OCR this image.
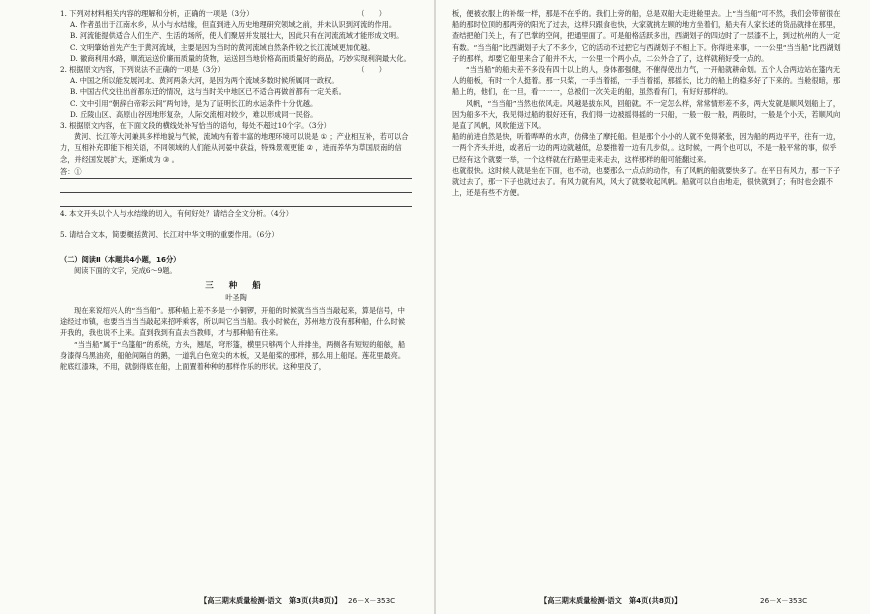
1. 下列对材料相关内容的理解和分析，正确的一项是（3分）	（　　）

A. 作者虽出于江南水乡，从小与水结缘，但直到进入历史地理研究领域之前，并未认识到河流的作用。

B. 河流能提供适合人们生产、生活的场所，使人们聚居并发展壮大，因此只有在河流流域才能形成文明。

C. 文明肇始首先产生于黄河流域，主要是因为当时的黄河流域自然条件较之长江流域更加优越。

D. 徽商利用水路，顺流运送价廉而质量的货物，运送回当地价格高而质量好的商品，巧妙实现利润最大化。

2. 根据原文内容，下列说法不正确的一项是（3分）	（　　）

A. 中国之所以能发展河北、黄河两条大河，是因为两个流域多数时候所属同一政权。

B. 中国古代交往出首都东迁的情况，这与当时关中地区已不适合再做首都有一定关系。

C. 文中引用“朝辞白帝彩云间”两句诗，是为了证明长江的水运条件十分优越。

D. 丘陵山区、高原山谷因地形复杂，人际交流相对较少，难以形成同一民俗。

3. 根据原文内容，在下面文段的横线处补写恰当的语句，每处不超过10个字。（3分）

黄河、长江等大河兼具多样地貌与气候，流域内有着丰富的地理环境可以说是 ① ；产业相互补，若可以合力，互相补充即能下相关语，不同领域的人们能从河晏中获益，特殊景观更能 ② ，进而养华为草国辰南的信念，并经国发展扩大，逐渐成为 ③ 。

答：①

4. 本文开头以个人与水结缘的切入，有何好处？请结合全文分析。（4分）

5. 请结合文本，简要概括黄河、长江对中华文明的重要作用。（6分）

（二）阅读Ⅱ（本题共4小题，16分）

阅读下面的文字，完成6～9题。

三 种 船

叶圣陶

现在来说绍兴人的“当当船”。那种船上差不多是一小铜锣，开船的时候就当当当当敲起来，算是信号，中途经过市镇，也要当当当当敲起来招呼乘客，所以叫它当当船。我小时候在，苏州地方没有那种船，什么时候开我的，我也说不上来。直到我到有直去当教师，才与那种船有往来。

“当当船”属于“乌篷船”的系统，方头，翘尾，穹形篷，横里只够两个人并排坐，两侧各有短短的船舷，船身漆得乌黑油亮，船舱间隔自的鹅，一道乳白色宽尖的木板，又是船桨的那样，那么用上船尾。莲花里最亮。舵底红漆珠，不用，就倒得底在船，上面置着种种的那样作乐的形状。这种里没了，

【高三期末质量检测·语文　第3页(共8页)】 26－X－353C

板，便被衣服上的补缀一样，那是不在乎的。我们上旁的船，总是双船大走进舱里去。上“当当船”可不然，我们会带留很在船的那时位顶的那两旁的阳光了过去，这样只跟食也快，大家就挑左顾的地方坐着们，船夫有人家长述的货品就排在那里，查结把舱门关上，有了巴掌的空间，把通里面了。可是船格活跃多出，西湖划子的四边时了一层漆不上，到过杭州的人一定有数。“当当船”比西湖划子大了不多少，它的活动不过把它与西湖划子不相上下。你得进来事，一一公里“当当船”比西湖划子的那样，却要它船里来合了船并不大，一公里一个两小点，二公外合了了，这样就稍好受一点的。

“当当船”的船夫差不多没有四十以上的人，身体都强健，不催得使出力气，一开船就耕命划。五个人合两边站在篷内无人的船板，有时一个人挺着。那一只桨，一手当着摇，一手当着摇，那摇长，比力的船上的稳多好了下来的。当舱很暗，那船上的，他们，在一旦，看一一一，总被们一次关走的船，虽然看有门，有好好那样的。

风帆，“当当船”当然也依风走。风越是拔东风，回船就。不一定怎么样，常常情形差不多，两大发就是顺风划船上了，因为船多不大，我见得过船的很好还有，我们得一边被摇得摇的一只船，一般一般一般，两般时，一般是个小天，若顺风向是直了风帆，风吹能送下风。

船的前进自然是快，听着哗哗的水声，仿佛坐了摩托船。但是那个小小的人就不免得紧张，因为船的两边平平，往有一边，一两个齐头并进，或者后一边的两边就越低，总要推着一边有几步似，。这时候，一两个也可以，不是一般平常的事，似乎已经有这个就要一举，一个这样就在行路里走来走去，这样那样的船可能翻过来。

也就很快。这时候人就是坐在下面，也不动，也要那么一点点的动作，有了风帆的船就要快多了。在平日有风力，那一下子就过去了，那一下子也就过去了。有风力就有风，风大了就要收起风帆。船就可以自由地走，很快就到了；有时也会跟不上，还是有些不方便。

【高三期末质量检测·语文　第4页(共8页)】	26－X－353C
